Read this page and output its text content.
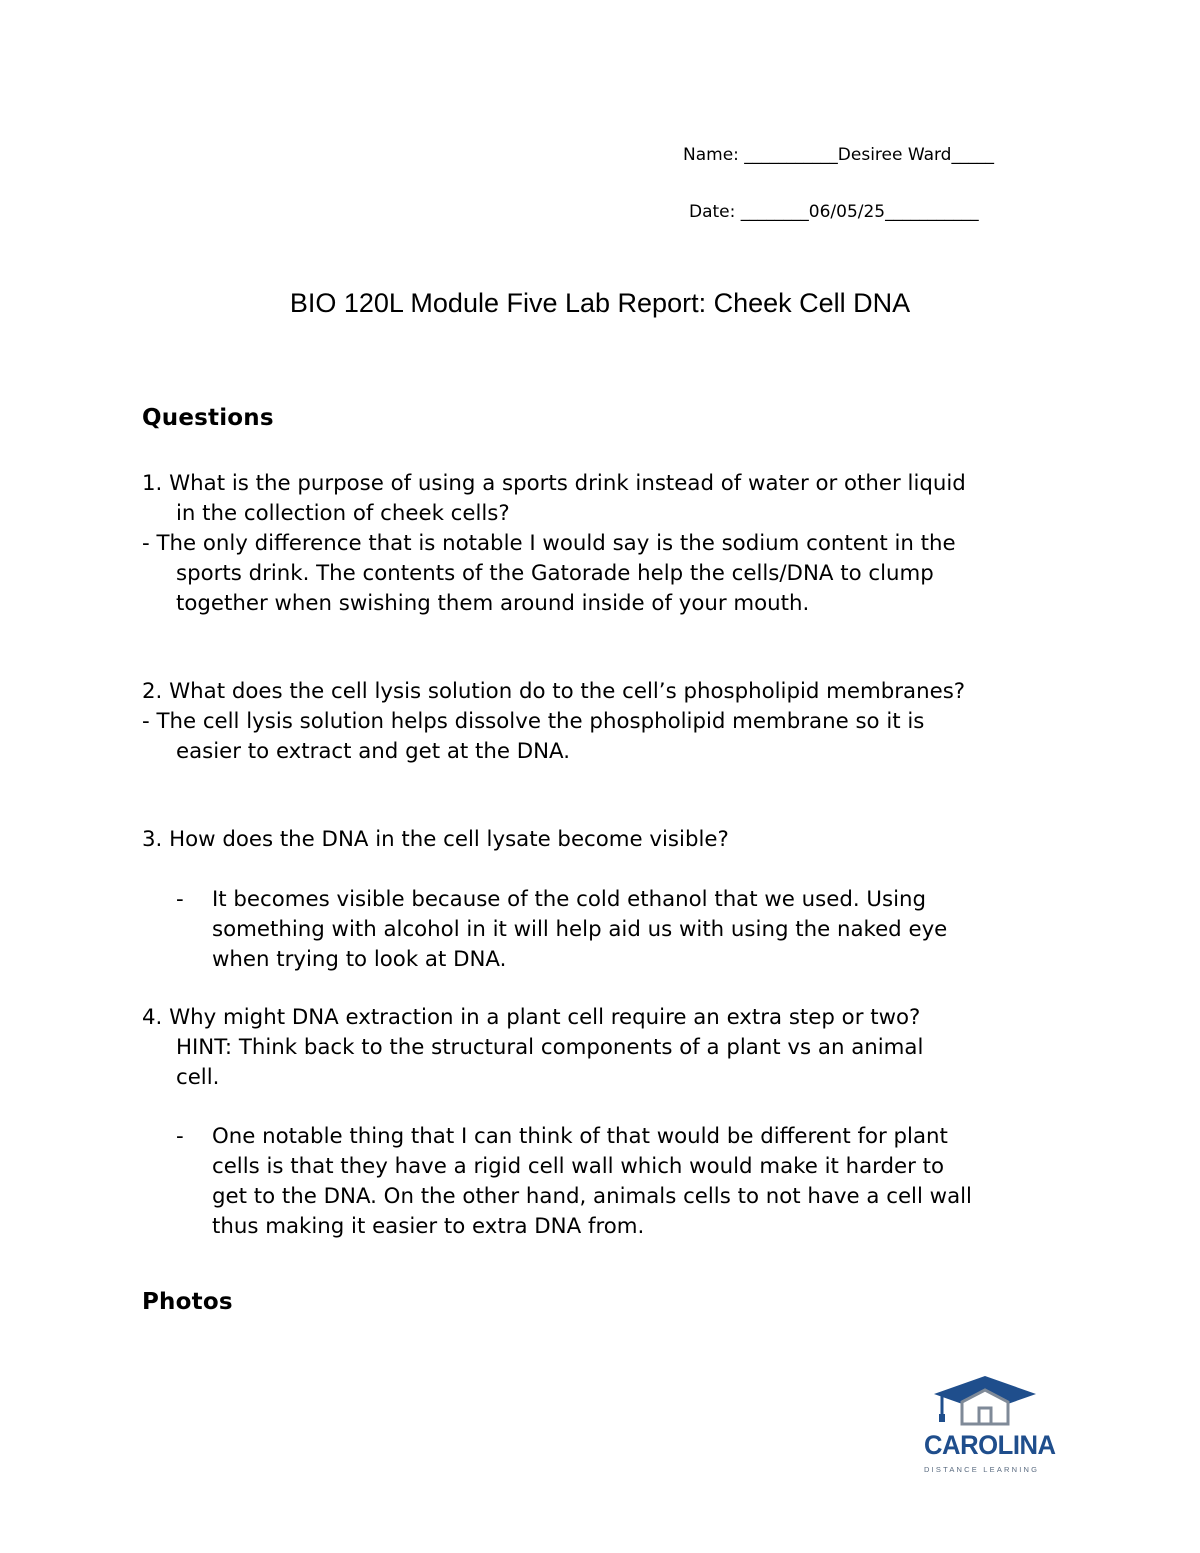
Name: ___________Desiree Ward_____
Date: ________06/05/25___________
BIO 120L Module Five Lab Report: Cheek Cell DNA
Questions
1. What is the purpose of using a sports drink instead of water or other liquid
in the collection of cheek cells?
- The only difference that is notable I would say is the sodium content in the
sports drink. The contents of the Gatorade help the cells/DNA to clump
together when swishing them around inside of your mouth.
2. What does the cell lysis solution do to the cell’s phospholipid membranes?
- The cell lysis solution helps dissolve the phospholipid membrane so it is
easier to extract and get at the DNA.
3. How does the DNA in the cell lysate become visible?
- It becomes visible because of the cold ethanol that we used. Using
something with alcohol in it will help aid us with using the naked eye
when trying to look at DNA.
4. Why might DNA extraction in a plant cell require an extra step or two?
HINT: Think back to the structural components of a plant vs an animal
cell.
- One notable thing that I can think of that would be different for plant
cells is that they have a rigid cell wall which would make it harder to
get to the DNA. On the other hand, animals cells to not have a cell wall
thus making it easier to extra DNA from.
Photos
CAROLINA
DISTANCE LEARNING
